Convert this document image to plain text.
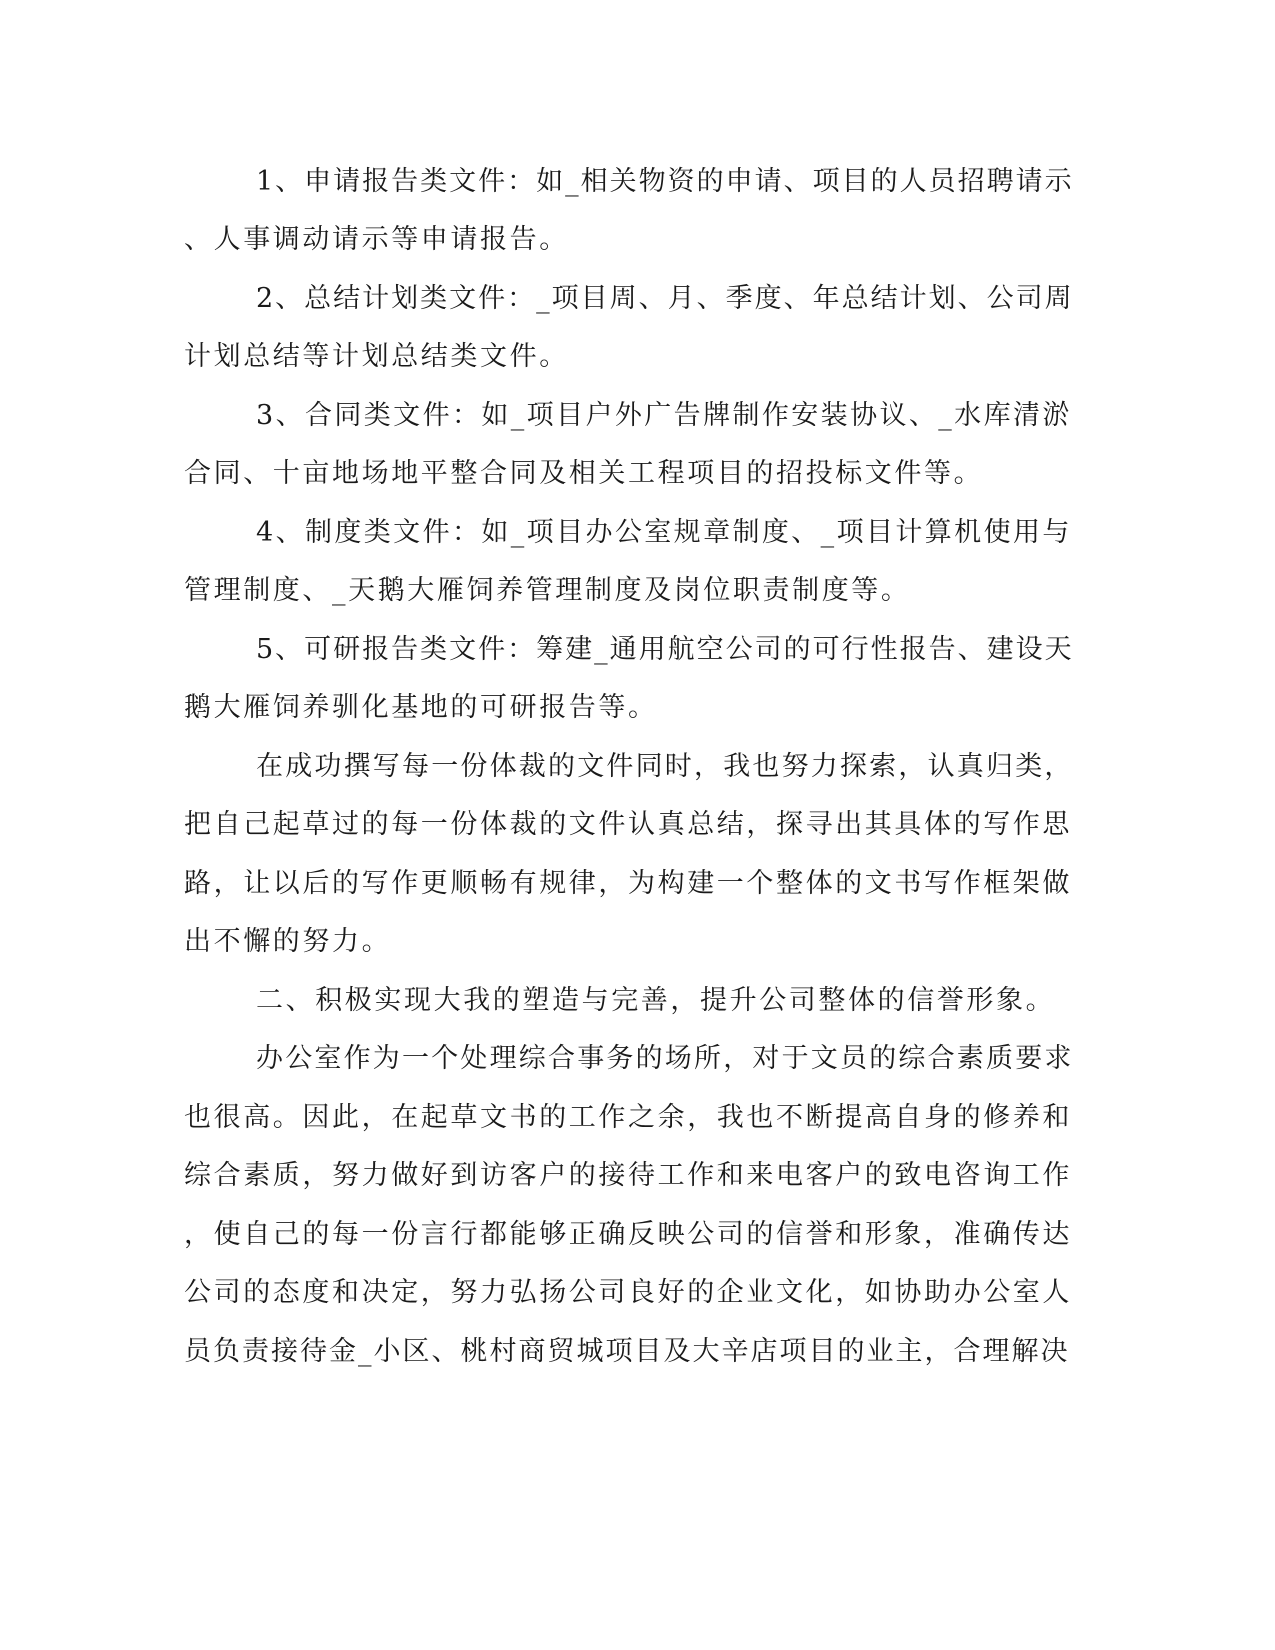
1、申请报告类文件：如_相关物资的申请、项目的人员招聘请示
、人事调动请示等申请报告。
2、总结计划类文件：_项目周、月、季度、年总结计划、公司周
计划总结等计划总结类文件。
3、合同类文件：如_项目户外广告牌制作安装协议、_水库清淤
合同、十亩地场地平整合同及相关工程项目的招投标文件等。
4、制度类文件：如_项目办公室规章制度、_项目计算机使用与
管理制度、_天鹅大雁饲养管理制度及岗位职责制度等。
5、可研报告类文件：筹建_通用航空公司的可行性报告、建设天
鹅大雁饲养驯化基地的可研报告等。
在成功撰写每一份体裁的文件同时，我也努力探索，认真归类，
把自己起草过的每一份体裁的文件认真总结，探寻出其具体的写作思
路，让以后的写作更顺畅有规律，为构建一个整体的文书写作框架做
出不懈的努力。
二、积极实现大我的塑造与完善，提升公司整体的信誉形象。
办公室作为一个处理综合事务的场所，对于文员的综合素质要求
也很高。因此，在起草文书的工作之余，我也不断提高自身的修养和
综合素质，努力做好到访客户的接待工作和来电客户的致电咨询工作
，使自己的每一份言行都能够正确反映公司的信誉和形象，准确传达
公司的态度和决定，努力弘扬公司良好的企业文化，如协助办公室人
员负责接待金_小区、桃村商贸城项目及大辛店项目的业主，合理解决
